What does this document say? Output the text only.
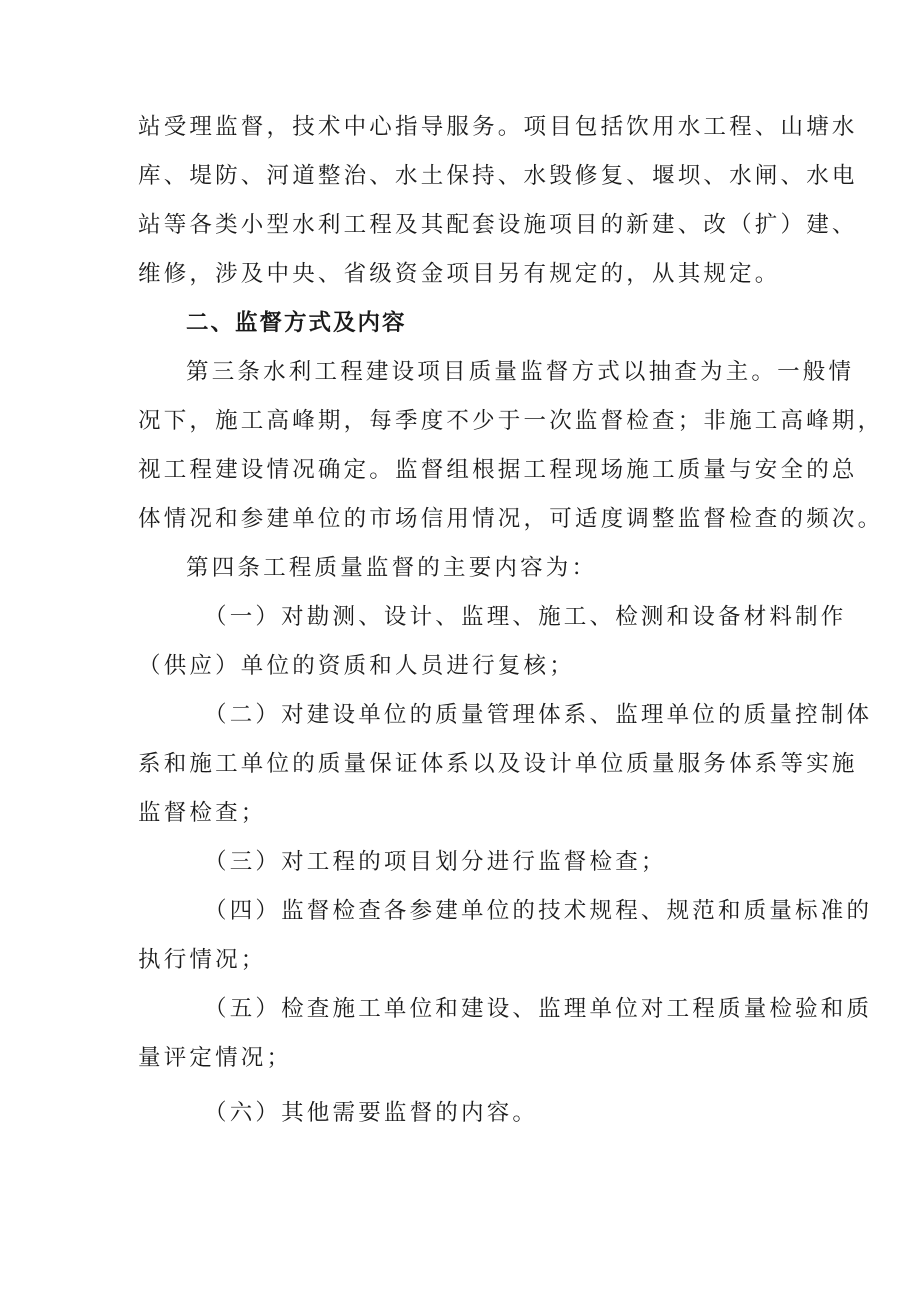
站受理监督，技术中心指导服务。项目包括饮用水工程、山塘水
库、堤防、河道整治、水土保持、水毁修复、堰坝、水闸、水电
站等各类小型水利工程及其配套设施项目的新建、改（扩）建、
维修，涉及中央、省级资金项目另有规定的，从其规定。
二、监督方式及内容
第三条水利工程建设项目质量监督方式以抽查为主。一般情
况下，施工高峰期，每季度不少于一次监督检查；非施工高峰期，
视工程建设情况确定。监督组根据工程现场施工质量与安全的总
体情况和参建单位的市场信用情况，可适度调整监督检查的频次。
第四条工程质量监督的主要内容为：
（一）对勘测、设计、监理、施工、检测和设备材料制作
（供应）单位的资质和人员进行复核；
（二）对建设单位的质量管理体系、监理单位的质量控制体
系和施工单位的质量保证体系以及设计单位质量服务体系等实施
监督检查；
（三）对工程的项目划分进行监督检查；
（四）监督检查各参建单位的技术规程、规范和质量标准的
执行情况；
（五）检查施工单位和建设、监理单位对工程质量检验和质
量评定情况；
（六）其他需要监督的内容。
